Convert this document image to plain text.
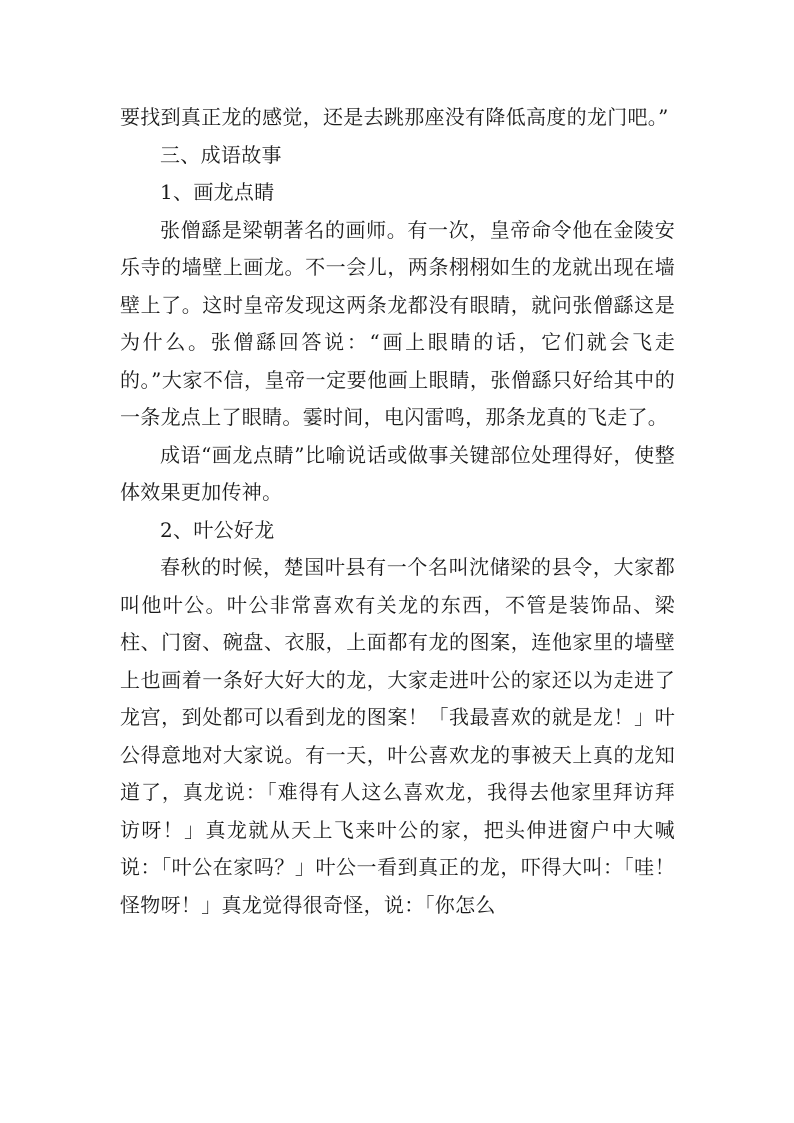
要找到真正龙的感觉，还是去跳那座没有降低高度的龙门吧。”

三、成语故事

1、画龙点睛

张僧繇是梁朝著名的画师。有一次，皇帝命令他在金陵安乐寺的墙壁上画龙。不一会儿，两条栩栩如生的龙就出现在墙壁上了。这时皇帝发现这两条龙都没有眼睛，就问张僧繇这是为什么。张僧繇回答说：“画上眼睛的话，它们就会飞走的。”大家不信，皇帝一定要他画上眼睛，张僧繇只好给其中的一条龙点上了眼睛。霎时间，电闪雷鸣，那条龙真的飞走了。

成语“画龙点睛”比喻说话或做事关键部位处理得好，使整体效果更加传神。

2、叶公好龙

春秋的时候，楚国叶县有一个名叫沈储梁的县令，大家都叫他叶公。叶公非常喜欢有关龙的东西，不管是装饰品、梁柱、门窗、碗盘、衣服，上面都有龙的图案，连他家里的墙壁上也画着一条好大好大的龙，大家走进叶公的家还以为走进了龙宫，到处都可以看到龙的图案！「我最喜欢的就是龙！」叶公得意地对大家说。有一天，叶公喜欢龙的事被天上真的龙知道了，真龙说：「难得有人这么喜欢龙，我得去他家里拜访拜访呀！」真龙就从天上飞来叶公的家，把头伸进窗户中大喊说：「叶公在家吗？」叶公一看到真正的龙，吓得大叫：「哇！怪物呀！」真龙觉得很奇怪，说：「你怎么
